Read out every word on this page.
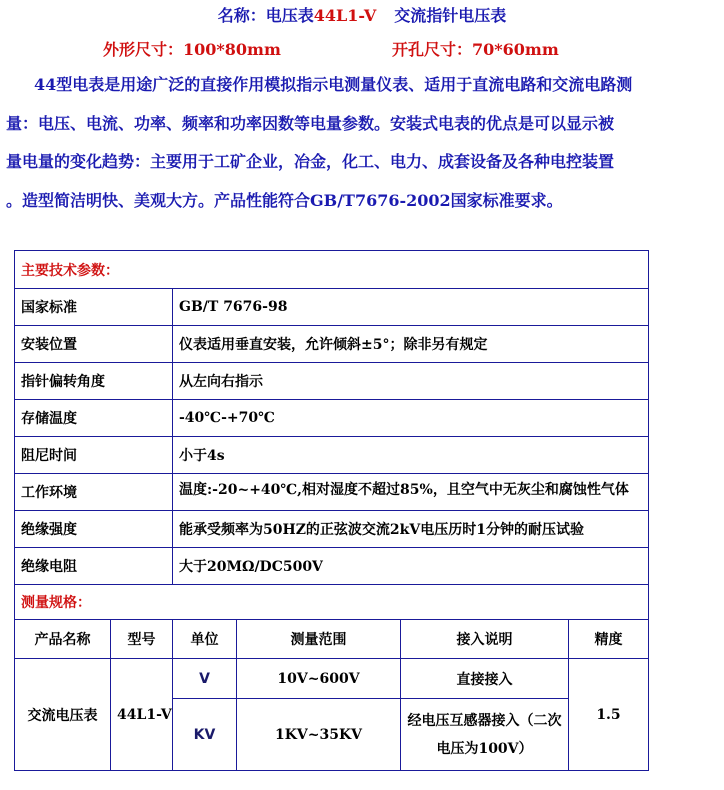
名称：电压表44L1-V 交流指针电压表
外形尺寸：100*80mm	开孔尺寸：70*60mm
44型电表是用途广泛的直接作用模拟指示电测量仪表、适用于直流电路和交流电路测
量：电压、电流、功率、频率和功率因数等电量参数。安装式电表的优点是可以显示被
量电量的变化趋势：主要用于工矿企业，冶金，化工、电力、成套设备及各种电控装置
。造型简洁明快、美观大方。产品性能符合GB/T7676-2002国家标准要求。
主要技术参数：					
国家标准		GB/T 7676-98			
安装位置		仪表适用垂直安装，允许倾斜±5°；除非另有规定			
指针偏转角度		从左向右指示			
存储温度		-40℃-+70℃			
阻尼时间		小于4s			
工作环境		温度:-20~+40℃,相对湿度不超过85%，且空气中无灰尘和腐蚀性气体			
绝缘强度		能承受频率为50HZ的正弦波交流2kV电压历时1分钟的耐压试验			
绝缘电阻		大于20MΩ/DC500V			
测量规格：					
产品名称	型号	单位	测量范围	接入说明	精度
交流电压表	44L1-V	V	10V~600V	直接接入	1.5
		KV	1KV~35KV	经电压互感器接入（二次电压为100V）	
